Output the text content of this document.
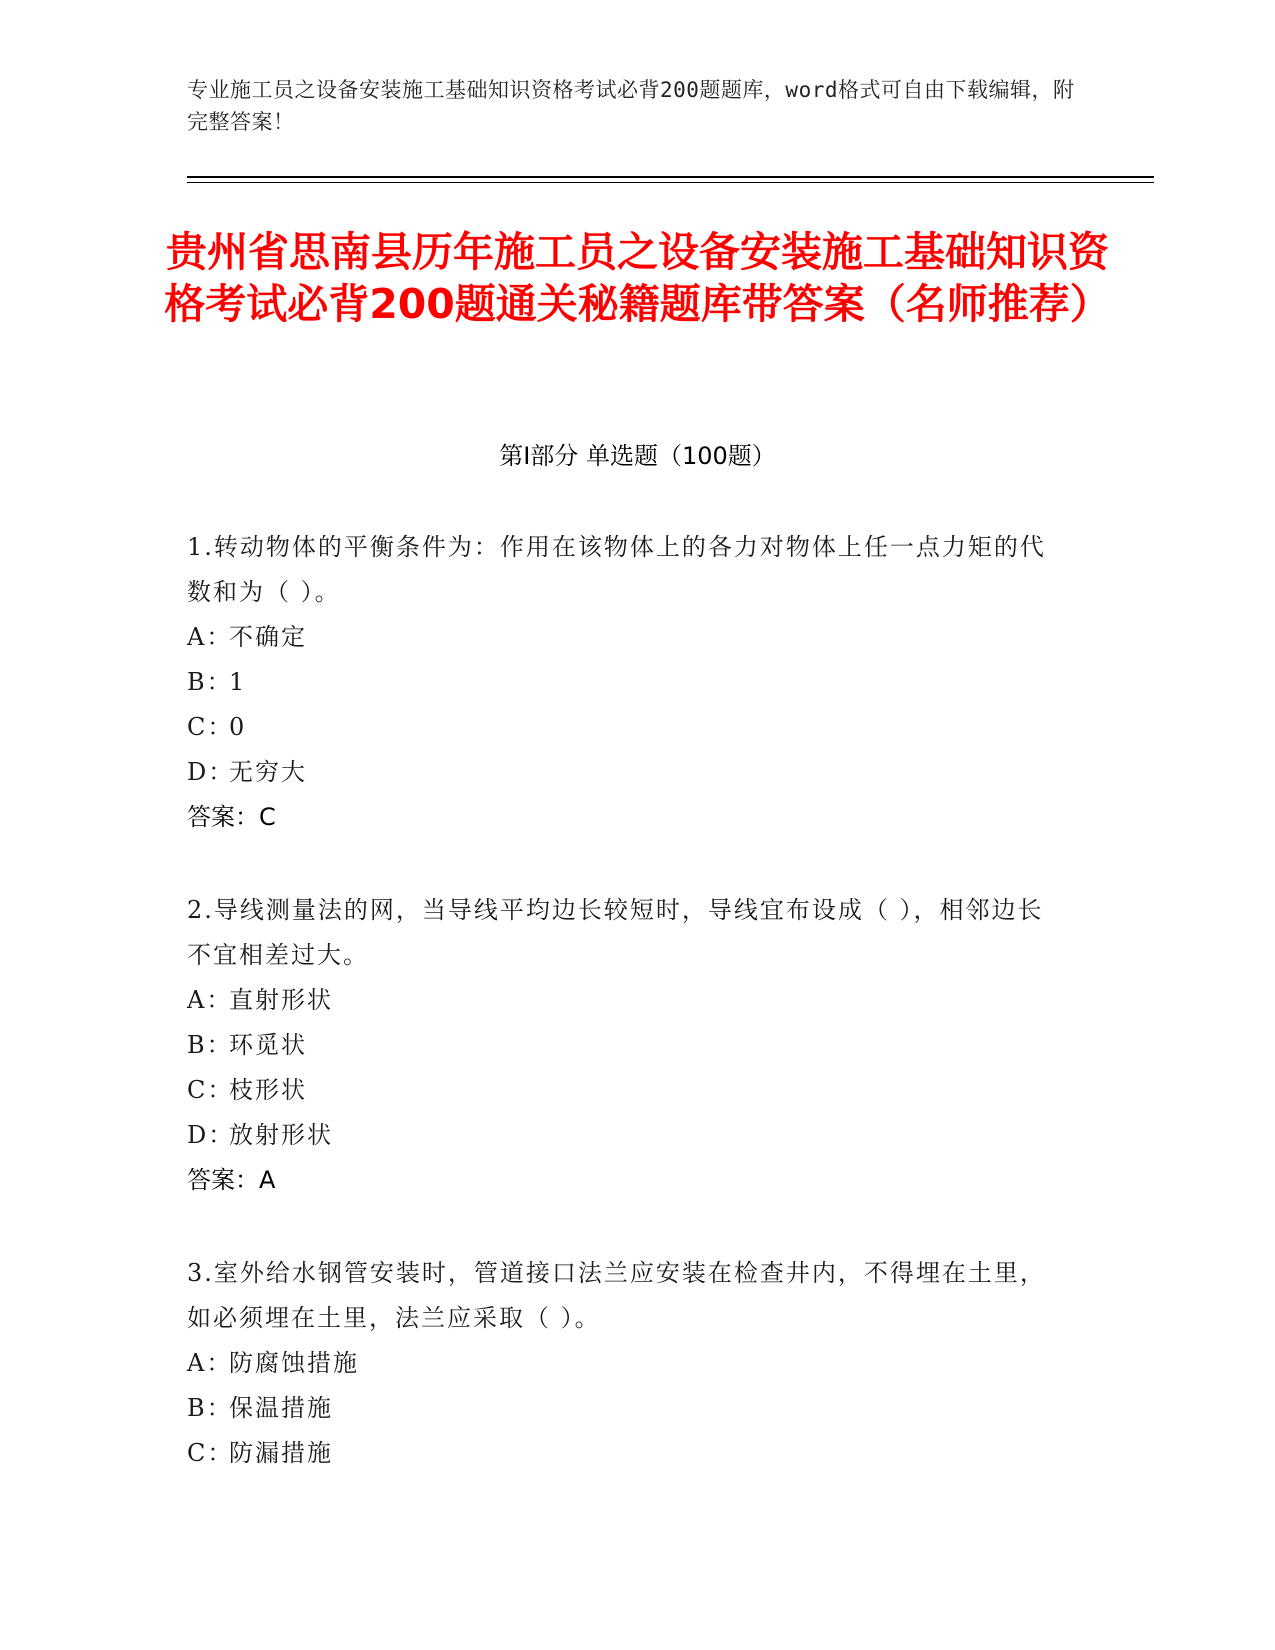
专业施工员之设备安装施工基础知识资格考试必背200题题库，word格式可自由下载编辑，附完整答案！
贵州省思南县历年施工员之设备安装施工基础知识资格考试必背200题通关秘籍题库带答案（名师推荐）
第I部分 单选题（100题）
1.转动物体的平衡条件为：作用在该物体上的各力对物体上任一点力矩的代数和为（ ）。
A：不确定
B：1
C：0
D：无穷大
答案：C
2.导线测量法的网，当导线平均边长较短时，导线宜布设成（ ），相邻边长不宜相差过大。
A：直射形状
B：环觅状
C：枝形状
D：放射形状
答案：A
3.室外给水钢管安装时，管道接口法兰应安装在检查井内，不得埋在土里，如必须埋在土里，法兰应采取（ ）。
A：防腐蚀措施
B：保温措施
C：防漏措施
